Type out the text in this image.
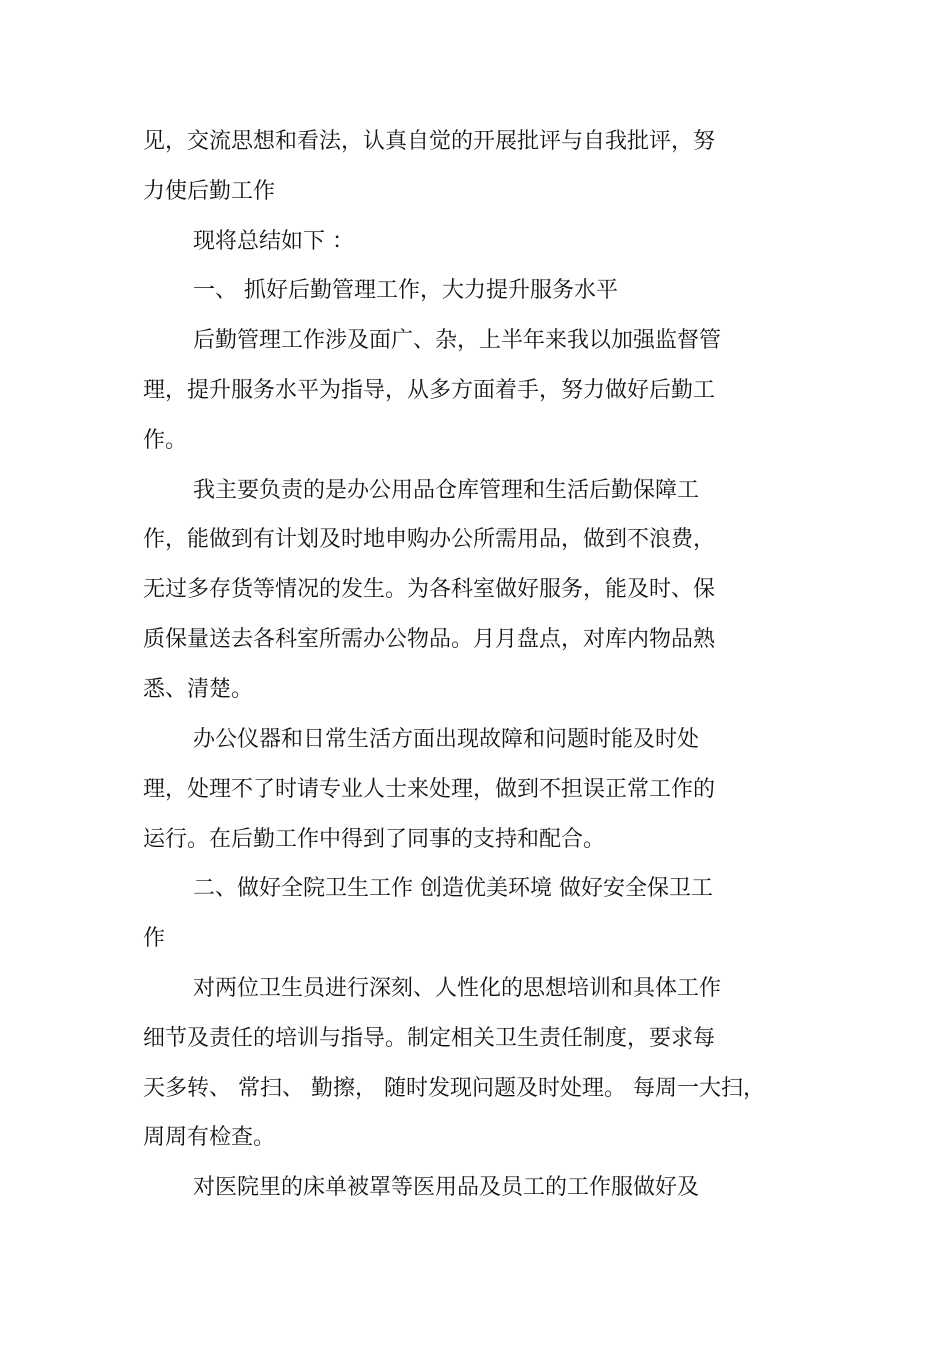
见，交流思想和看法，认真自觉的开展批评与自我批评，努
力使后勤工作
现将总结如下 ：
一、 抓好后勤管理工作，大力提升服务水平
后勤管理工作涉及面广、杂，上半年来我以加强监督管
理，提升服务水平为指导，从多方面着手，努力做好后勤工
作。
我主要负责的是办公用品仓库管理和生活后勤保障工
作，能做到有计划及时地申购办公所需用品，做到不浪费，
无过多存货等情况的发生。为各科室做好服务，能及时、保
质保量送去各科室所需办公物品。月月盘点，对库内物品熟
悉、清楚。
办公仪器和日常生活方面出现故障和问题时能及时处
理，处理不了时请专业人士来处理，做到不担误正常工作的
运行。在后勤工作中得到了同事的支持和配合。
二、做好全院卫生工作 创造优美环境 做好安全保卫工
作
对两位卫生员进行深刻、人性化的思想培训和具体工作
细节及责任的培训与指导。制定相关卫生责任制度，要求每
天多转、 常扫、 勤擦， 随时发现问题及时处理。 每周一大扫，
周周有检查。
对医院里的床单被罩等医用品及员工的工作服做好及
